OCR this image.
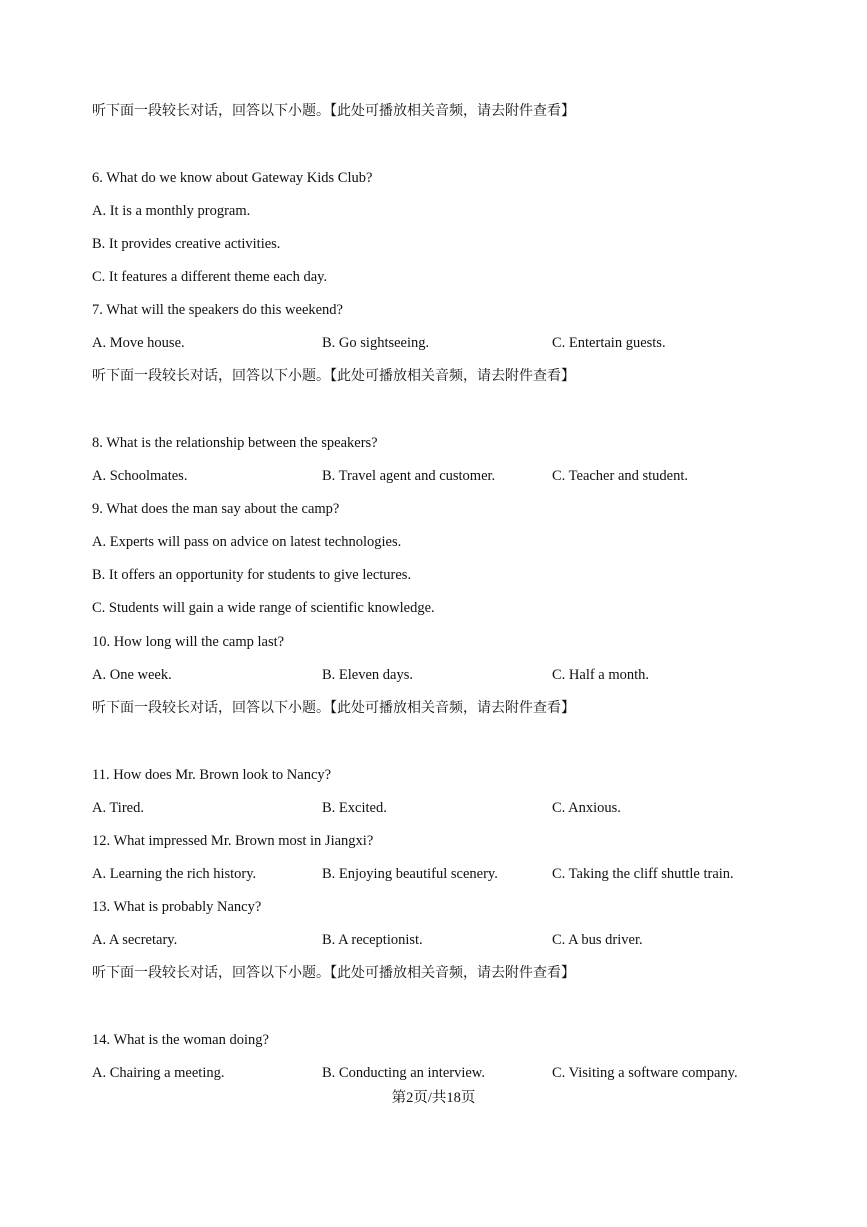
听下面一段较长对话，回答以下小题。【此处可播放相关音频，请去附件查看】
6. What do we know about Gateway Kids Club?
A. It is a monthly program.
B. It provides creative activities.
C. It features a different theme each day.
7. What will the speakers do this weekend?
A. Move house.	B. Go sightseeing.	C. Entertain guests.
听下面一段较长对话，回答以下小题。【此处可播放相关音频，请去附件查看】
8. What is the relationship between the speakers?
A. Schoolmates.	B. Travel agent and customer.	C. Teacher and student.
9. What does the man say about the camp?
A. Experts will pass on advice on latest technologies.
B. It offers an opportunity for students to give lectures.
C. Students will gain a wide range of scientific knowledge.
10. How long will the camp last?
A. One week.	B. Eleven days.	C. Half a month.
听下面一段较长对话，回答以下小题。【此处可播放相关音频，请去附件查看】
11. How does Mr. Brown look to Nancy?
A. Tired.	B. Excited.	C. Anxious.
12. What impressed Mr. Brown most in Jiangxi?
A. Learning the rich history.	B. Enjoying beautiful scenery.	C. Taking the cliff shuttle train.
13. What is probably Nancy?
A. A secretary.	B. A receptionist.	C. A bus driver.
听下面一段较长对话，回答以下小题。【此处可播放相关音频，请去附件查看】
14. What is the woman doing?
A. Chairing a meeting.	B. Conducting an interview.	C. Visiting a software company.
第2页/共18页
